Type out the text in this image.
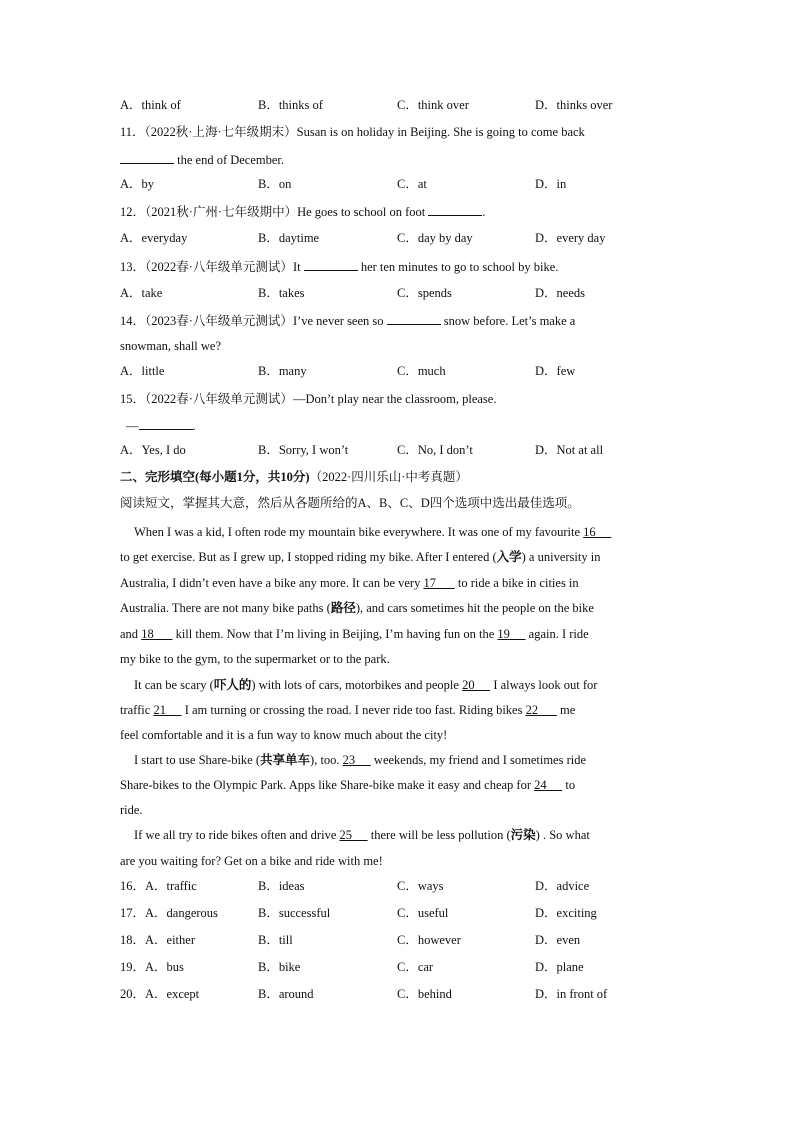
A．think of	B．thinks of	C．think over	D．thinks over
11．（2022秋·上海·七年级期末）Susan is on holiday in Beijing. She is going to come back
the end of December.
A．by	B．on	C．at	D．in
12．（2021秋·广州·七年级期中）He goes to school on foot	.
A．everyday	B．daytime	C．day by day	D．every day
13．（2022春·八年级单元测试）It	her ten minutes to go to school by bike.
A．take	B．takes	C．spends	D．needs
14．（2023春·八年级单元测试）I’ve never seen so	snow before. Let’s make a
snowman, shall we?
A．little	B．many	C．much	D．few
15．（2022春·八年级单元测试）—Don’t play near the classroom, please.
—	.
A．Yes, I do	B．Sorry, I won’t	C．No, I don’t	D．Not at all
二、完形填空(每小题1分，共10分)（2022·四川乐山·中考真题）
阅读短文，掌握其大意，然后从各题所给的A、B、C、D四个选项中选出最佳选项。
When I was a kid, I often rode my mountain bike everywhere. It was one of my favourite 16
to get exercise. But as I grew up, I stopped riding my bike. After I entered (入学) a university in
Australia, I didn’t even have a bike any more. It can be very 17       to ride a bike in cities in
Australia. There are not many bike paths (路径), and cars sometimes hit the people on the bike
and 18       kill them. Now that I’m living in Beijing, I’m having fun on the 19      again. I ride
my bike to the gym, to the supermarket or to the park.
It can be scary (吓人的) with lots of cars, motorbikes and people 20      I always look out for
traffic 21      I am turning or crossing the road. I never ride too fast. Riding bikes 22       me
feel comfortable and it is a fun way to know much about the city!
I start to use Share-bike (共享单车), too. 23      weekends, my friend and I sometimes ride
Share-bikes to the Olympic Park. Apps like Share-bike make it easy and cheap for 24      to
ride.
If we all try to ride bikes often and drive 25      there will be less pollution (污染) . So what
are you waiting for? Get on a bike and ride with me!
16．A．traffic	B．ideas	C．ways	D．advice
17．A．dangerous	B．successful	C．useful	D．exciting
18．A．either	B．till	C．however	D．even
19．A．bus	B．bike	C．car	D．plane
20．A．except	B．around	C．behind	D．in front of
